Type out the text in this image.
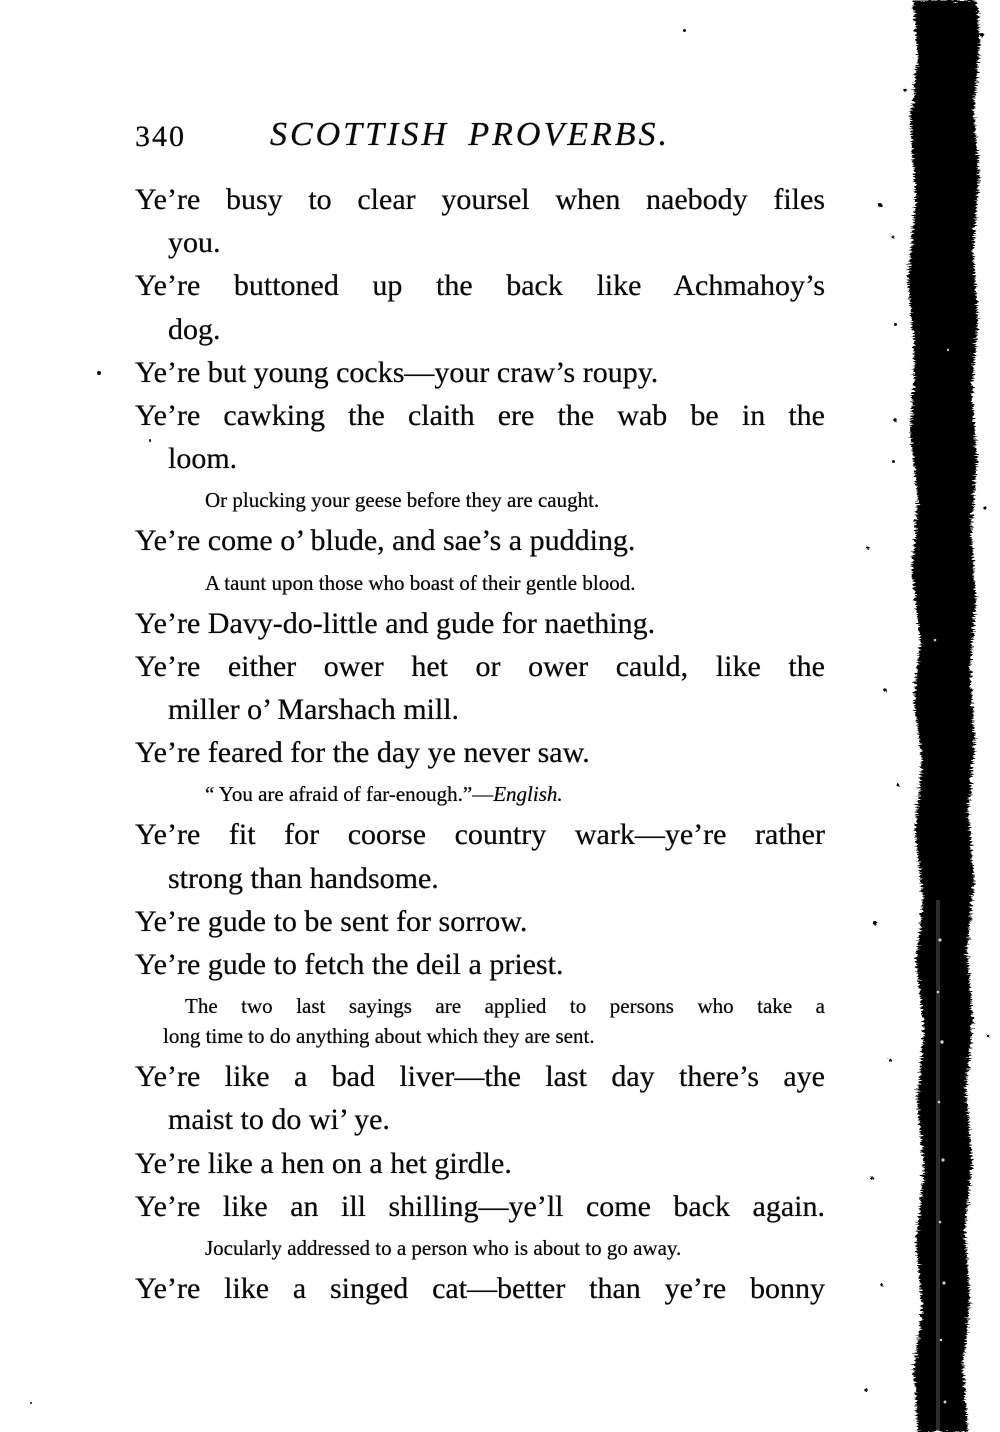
340	SCOTTISH PROVERBS.
Ye’re busy to clear yoursel when naebody files
you.
Ye’re buttoned up the back like Achmahoy’s
dog.
Ye’re but young cocks—your craw’s roupy.
Ye’re cawking the claith ere the wab be in the
loom.
Or plucking your geese before they are caught.
Ye’re come o’ blude, and sae’s a pudding.
A taunt upon those who boast of their gentle blood.
Ye’re Davy-do-little and gude for naething.
Ye’re either ower het or ower cauld, like the
miller o’ Marshach mill.
Ye’re feared for the day ye never saw.
“ You are afraid of far-enough.”—English.
Ye’re fit for coorse country wark—ye’re rather
strong than handsome.
Ye’re gude to be sent for sorrow.
Ye’re gude to fetch the deil a priest.
The two last sayings are applied to persons who take a
long time to do anything about which they are sent.
Ye’re like a bad liver—the last day there’s aye
maist to do wi’ ye.
Ye’re like a hen on a het girdle.
Ye’re like an ill shilling—ye’ll come back again.
Jocularly addressed to a person who is about to go away.
Ye’re like a singed cat—better than ye’re bonny
